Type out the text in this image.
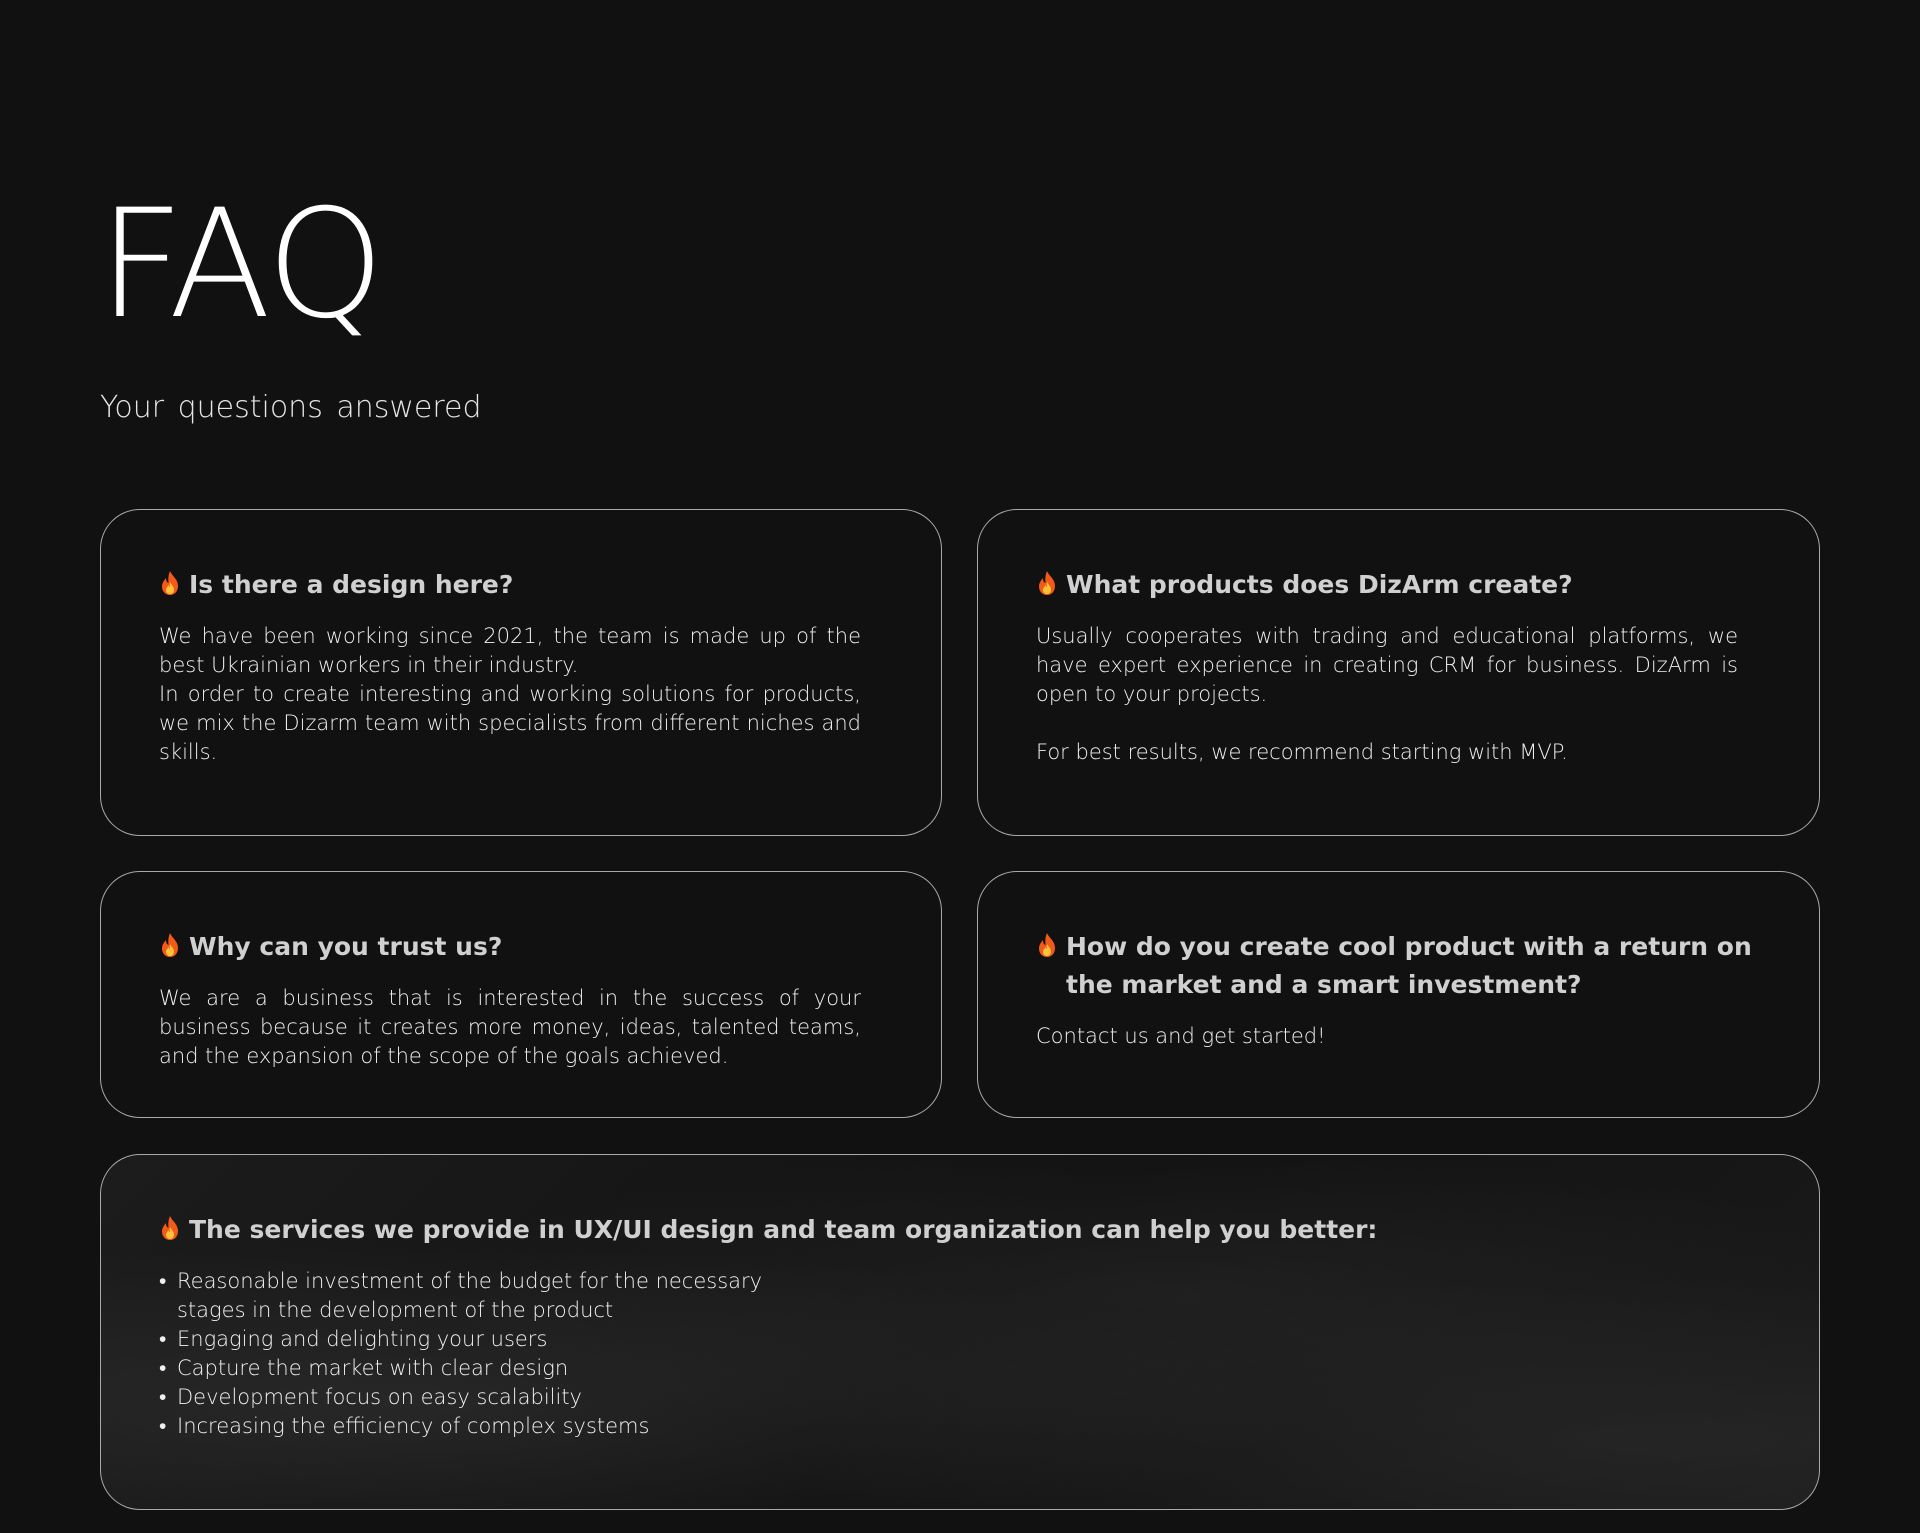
FAQ

Your questions answered

Is there a design here?

We have been working since 2021, the team is made up of the best Ukrainian workers in their industry.

In order to create interesting and working solutions for products, we mix the Dizarm team with specialists from different niches and skills.

What products does DizArm create?

Usually cooperates with trading and educational platforms, we have expert experience in creating CRM for business. DizArm is open to your projects.

For best results, we recommend starting with MVP.

Why can you trust us?

We are a business that is interested in the success of your business because it creates more money, ideas, talented teams, and the expansion of the scope of the goals achieved.

How do you create cool product with a return on the market and a smart investment?

Contact us and get started!

The services we provide in UX/UI design and team organization can help you better:
• Reasonable investment of the budget for the necessary stages in the development of the product
• Engaging and delighting your users
• Capture the market with clear design
• Development focus on easy scalability
• Increasing the efficiency of complex systems
